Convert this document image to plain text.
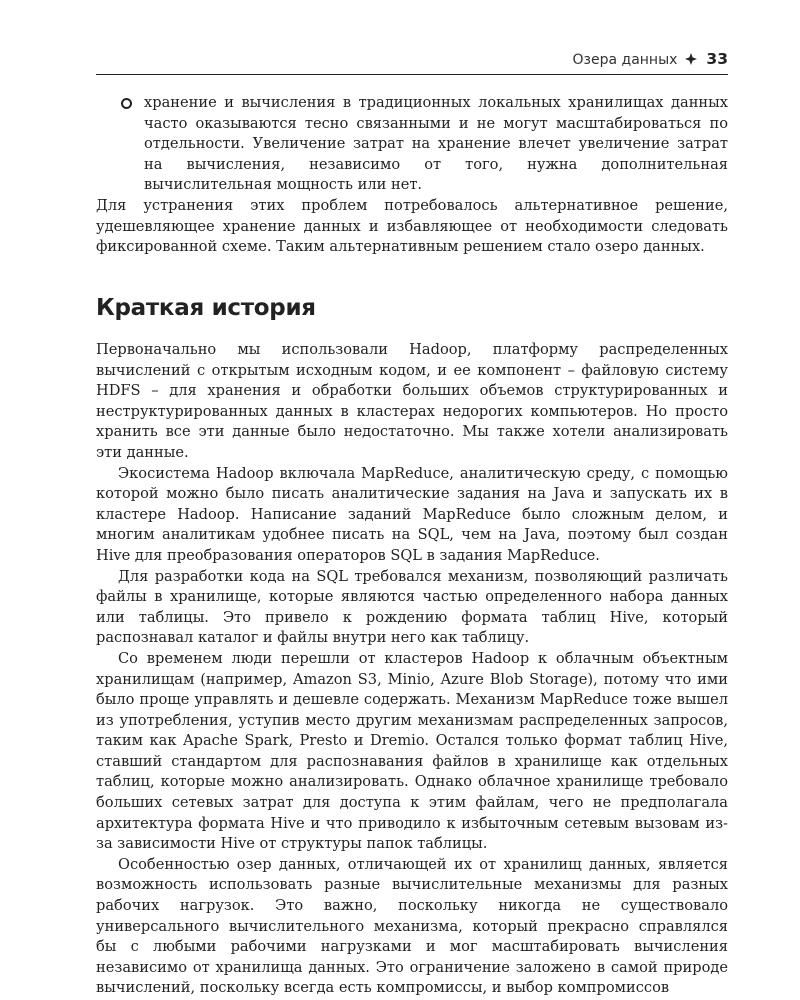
Озера данных 33
хранение и вычисления в традиционных локальных хранилищах данных часто оказываются тесно связанными и не могут масштабироваться по отдельности. Увеличение затрат на хранение влечет увеличение затрат на вычисления, независимо от того, нужна дополнительная вычислительная мощность или нет.
Для устранения этих проблем потребовалось альтернативное решение, удешевляющее хранение данных и избавляющее от необходимости следовать фиксированной схеме. Таким альтернативным решением стало озеро данных.
Краткая история

Первоначально мы использовали Hadoop, платформу распределенных вычислений с открытым исходным кодом, и ее компонент – файловую систему HDFS – для хранения и обработки больших объемов структурированных и неструктурированных данных в кластерах недорогих компьютеров. Но просто хранить все эти данные было недостаточно. Мы также хотели анализировать эти данные.

Экосистема Hadoop включала MapReduce, аналитическую среду, с помощью которой можно было писать аналитические задания на Java и запускать их в кластере Hadoop. Написание заданий MapReduce было сложным делом, и многим аналитикам удобнее писать на SQL, чем на Java, поэтому был создан Hive для преобразования операторов SQL в задания MapReduce.

Для разработки кода на SQL требовался механизм, позволяющий различать файлы в хранилище, которые являются частью определенного набора данных или таблицы. Это привело к рождению формата таблиц Hive, который распознавал каталог и файлы внутри него как таблицу.

Со временем люди перешли от кластеров Hadoop к облачным объектным хранилищам (например, Amazon S3, Minio, Azure Blob Storage), потому что ими было проще управлять и дешевле содержать. Механизм MapReduce тоже вышел из употребления, уступив место другим механизмам распределенных запросов, таким как Apache Spark, Presto и Dremio. Остался только формат таблиц Hive, ставший стандартом для распознавания файлов в хранилище как отдельных таблиц, которые можно анализировать. Однако облачное хранилище требовало больших сетевых затрат для доступа к этим файлам, чего не предполагала архитектура формата Hive и что приводило к избыточным сетевым вызовам из-за зависимости Hive от структуры папок таблицы.

Особенностью озер данных, отличающей их от хранилищ данных, является возможность использовать разные вычислительные механизмы для разных рабочих нагрузок. Это важно, поскольку никогда не существовало универсального вычислительного механизма, который прекрасно справлялся бы с любыми рабочими нагрузками и мог масштабировать вычисления независимо от хранилища данных. Это ограничение заложено в самой природе вычислений, поскольку всегда есть компромиссы, и выбор компромиссов
